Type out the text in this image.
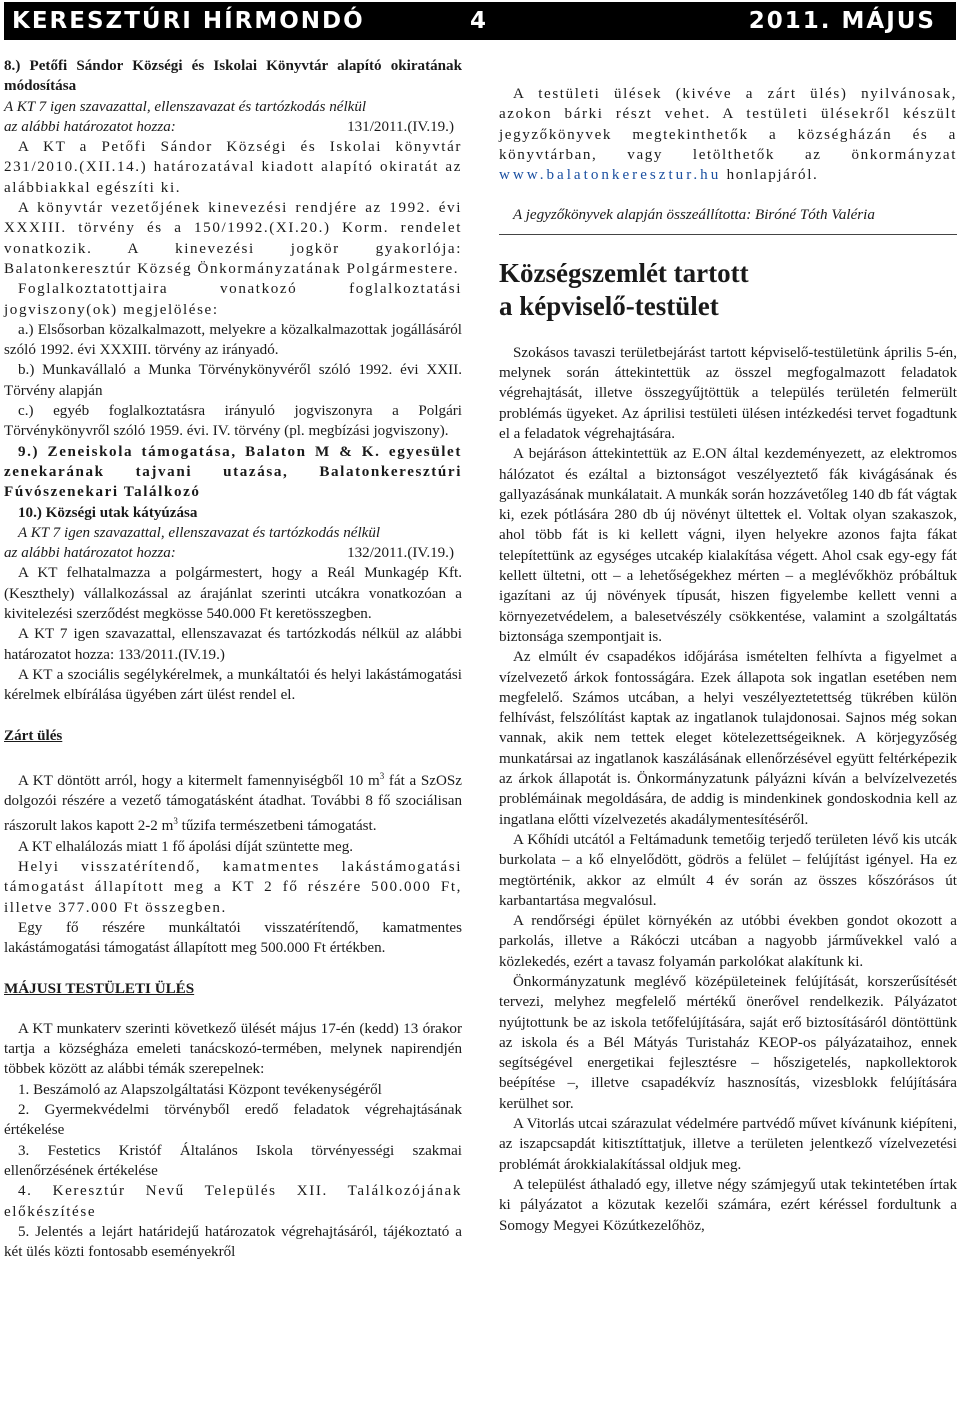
KERESZTÚRI HÍRMONDÓ	4	2011. MÁJUS

8.) Petőfi Sándor Községi és Iskolai Könyvtár alapító okiratának módosítása

A KT 7 igen szavazattal, ellenszavazat és tartózkodás nélkül

az alábbi határozatot hozza:	131/2011.(IV.19.)

A KT a Petőfi Sándor Községi és Iskolai könyvtár 231/2010.(XII.14.) határozatával kiadott alapító okiratát az alábbiakkal egészíti ki.

A könyvtár vezetőjének kinevezési rendjére az 1992. évi XXXIII. törvény és a 150/1992.(XI.20.) Korm. rendelet vonatkozik. A kinevezési jogkör gyakorlója: Balatonkeresztúr Község Önkormányzatának Polgármestere.

Foglalkoztatottjaira vonatkozó foglalkoztatási jogviszony(ok) megjelölése:

a.) Elsősorban közalkalmazott, melyekre a közalkalmazottak jogállásáról szóló 1992. évi XXXIII. törvény az irányadó.

b.) Munkavállaló a Munka Törvénykönyvéről szóló 1992. évi XXII. Törvény alapján

c.) egyéb foglalkoztatásra irányuló jogviszonyra a Polgári Törvénykönyvről szóló 1959. évi. IV. törvény (pl. megbízási jogviszony).

9.) Zeneiskola támogatása, Balaton M & K. egyesület zenekarának tajvani utazása, Balatonkeresztúri Fúvószenekari Találkozó

10.) Községi utak kátyúzása

A KT 7 igen szavazattal, ellenszavazat és tartózkodás nélkül

az alábbi határozatot hozza:	132/2011.(IV.19.)

A KT felhatalmazza a polgármestert, hogy a Reál Munkagép Kft. (Keszthely) vállalkozással az árajánlat szerinti utcákra vonatkozóan a kivitelezési szerződést megkösse 540.000 Ft keretösszegben.

A KT 7 igen szavazattal, ellenszavazat és tartózkodás nélkül az alábbi határozatot hozza: 133/2011.(IV.19.)

A KT a szociális segélykérelmek, a munkáltatói és helyi lakástámogatási kérelmek elbírálása ügyében zárt ülést rendel el.

Zárt ülés

A KT döntött arról, hogy a kitermelt famennyiségből 10 $m^3$ fát a SzOSz dolgozói részére a vezető támogatásként átadhat. További 8 fő szociálisan rászorult lakos kapott 2-2 $m^3$ tűzifa természetbeni támogatást.

A KT elhalálozás miatt 1 fő ápolási díját szüntette meg.

Helyi visszatérítendő, kamatmentes lakástámogatási támogatást állapított meg a KT 2 fő részére 500.000 Ft, illetve 377.000 Ft összegben.

Egy fő részére munkáltatói visszatérítendő, kamatmentes lakástámogatási támogatást állapított meg 500.000 Ft értékben.

MÁJUSI TESTÜLETI ÜLÉS

A KT munkaterv szerinti következő ülését május 17-én (kedd) 13 órakor tartja a községháza emeleti tanácskozó-termében, melynek napirendjén többek között az alábbi témák szerepelnek:

1. Beszámoló az Alapszolgáltatási Központ tevékenységéről

2. Gyermekvédelmi törvényből eredő feladatok végrehajtásának értékelése

3. Festetics Kristóf Általános Iskola törvényességi szakmai ellenőrzésének értékelése

4. Keresztúr Nevű Település XII. Találkozójának előkészítése

5. Jelentés a lejárt határidejű határozatok végrehajtásáról, tájékoztató a két ülés közti fontosabb eseményekről

A testületi ülések (kivéve a zárt ülés) nyilvánosak, azokon bárki részt vehet. A testületi ülésekről készült jegyzőkönyvek megtekinthetők a községházán és a könyvtárban, vagy letölthetők az önkormányzat www.balatonkeresztur.hu honlapjáról.

A jegyzőkönyvek alapján összeállította: Biróné Tóth Valéria

Községszemlét tartott
a képviselő-testület

Szokásos tavaszi területbejárást tartott képviselő-testületünk április 5-én, melynek során áttekintettük az összel megfogalmazott feladatok végrehajtását, illetve összegyűjtöttük a település területén felmerült problémás ügyeket. Az áprilisi testületi ülésen intézkedési tervet fogadtunk el a feladatok végrehajtására.

A bejáráson áttekintettük az E.ON által kezdeményezett, az elektromos hálózatot és ezáltal a biztonságot veszélyeztető fák kivágásának és gallyazásának munkálatait. A munkák során hozzávetőleg 140 db fát vágtak ki, ezek pótlására 280 db új növényt ültettek el. Voltak olyan szakaszok, ahol több fát is ki kellett vágni, ilyen helyekre azonos fajta fákat telepítettünk az egységes utcakép kialakítása végett. Ahol csak egy-egy fát kellett ültetni, ott – a lehetőségekhez mérten – a meglévőkhöz próbáltuk igazítani az új növények típusát, hiszen figyelembe kellett venni a környezetvédelem, a balesetvészély csökkentése, valamint a szolgáltatás biztonsága szempontjait is.

Az elmúlt év csapadékos időjárása ismételten felhívta a figyelmet a vízelvezető árkok fontosságára. Ezek állapota sok ingatlan esetében nem megfelelő. Számos utcában, a helyi veszélyeztetettség tükrében külön felhívást, felszólítást kaptak az ingatlanok tulajdonosai. Sajnos még sokan vannak, akik nem tettek eleget kötelezettségeiknek. A körjegyzőség munkatársai az ingatlanok kaszálásának ellenőrzésével együtt feltérképezik az árkok állapotát is. Önkormányzatunk pályázni kíván a belvízelvezetés problémáinak megoldására, de addig is mindenkinek gondoskodnia kell az ingatlana előtti vízelvezetés akadálymentesítéséről.

A Kőhídi utcától a Feltámadunk temetőig terjedő területen lévő kis utcák burkolata – a kő elnyelődött, gödrös a felület – felújítást igényel. Ha ez megtörténik, akkor az elmúlt 4 év során az összes kőszórásos út karbantartása megvalósul.

A rendőrségi épület környékén az utóbbi években gondot okozott a parkolás, illetve a Rákóczi utcában a nagyobb járművekkel való a közlekedés, ezért a tavasz folyamán parkolókat alakítunk ki.

Önkormányzatunk meglévő középületeinek felújítását, korszerűsítését tervezi, melyhez megfelelő mértékű önerővel rendelkezik. Pályázatot nyújtottunk be az iskola tetőfelújítására, saját erő biztosításáról döntöttünk az iskola és a Bél Mátyás Turistaház KEOP-os pályázataihoz, ennek segítségével energetikai fejlesztésre – hőszigetelés, napkollektorok beépítése –, illetve csapadékvíz hasznosítás, vizesblokk felújítására kerülhet sor.

A Vitorlás utcai szárazulat védelmére partvédő művet kívánunk kiépíteni, az iszapcsapdát kitisztíttatjuk, illetve a területen jelentkező vízelvezetési problémát árokkialakítással oldjuk meg.

A települést áthaladó egy, illetve négy számjegyű utak tekintetében írtak ki pályázatot a közutak kezelői számára, ezért kéréssel fordultunk a Somogy Megyei Közútkezelőhöz,
